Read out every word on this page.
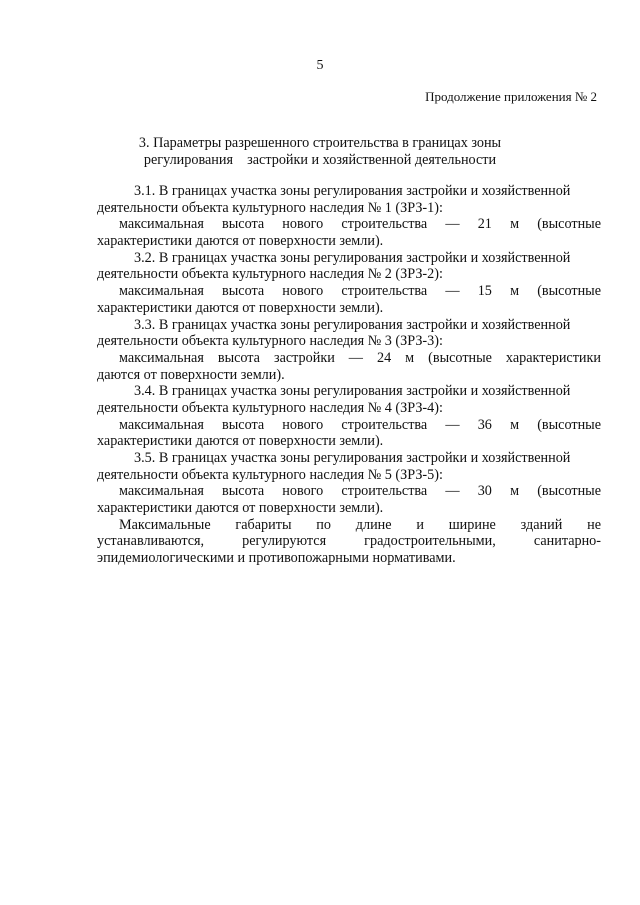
5
Продолжение приложения № 2
3. Параметры разрешенного строительства в границах зоны
регулирования    застройки и хозяйственной деятельности
3.1. В границах участка зоны регулирования застройки и хозяйственной
деятельности объекта культурного наследия № 1 (ЗРЗ-1):
максимальная высота нового строительства — 21 м (высотные
характеристики даются от поверхности земли).
3.2. В границах участка зоны регулирования застройки и хозяйственной
деятельности объекта культурного наследия № 2 (ЗРЗ-2):
максимальная высота нового строительства — 15 м (высотные
характеристики даются от поверхности земли).
3.3. В границах участка зоны регулирования застройки и хозяйственной
деятельности объекта культурного наследия № 3 (ЗРЗ-3):
максимальная высота застройки — 24 м (высотные характеристики
даются от поверхности земли).
3.4. В границах участка зоны регулирования застройки и хозяйственной
деятельности объекта культурного наследия № 4 (ЗРЗ-4):
максимальная высота нового строительства — 36 м (высотные
характеристики даются от поверхности земли).
3.5. В границах участка зоны регулирования застройки и хозяйственной
деятельности объекта культурного наследия № 5 (ЗРЗ-5):
максимальная высота нового строительства — 30 м (высотные
характеристики даются от поверхности земли).
Максимальные габариты по длине и ширине зданий не
устанавливаются, регулируются градостроительными, санитарно-
эпидемиологическими и противопожарными нормативами.
